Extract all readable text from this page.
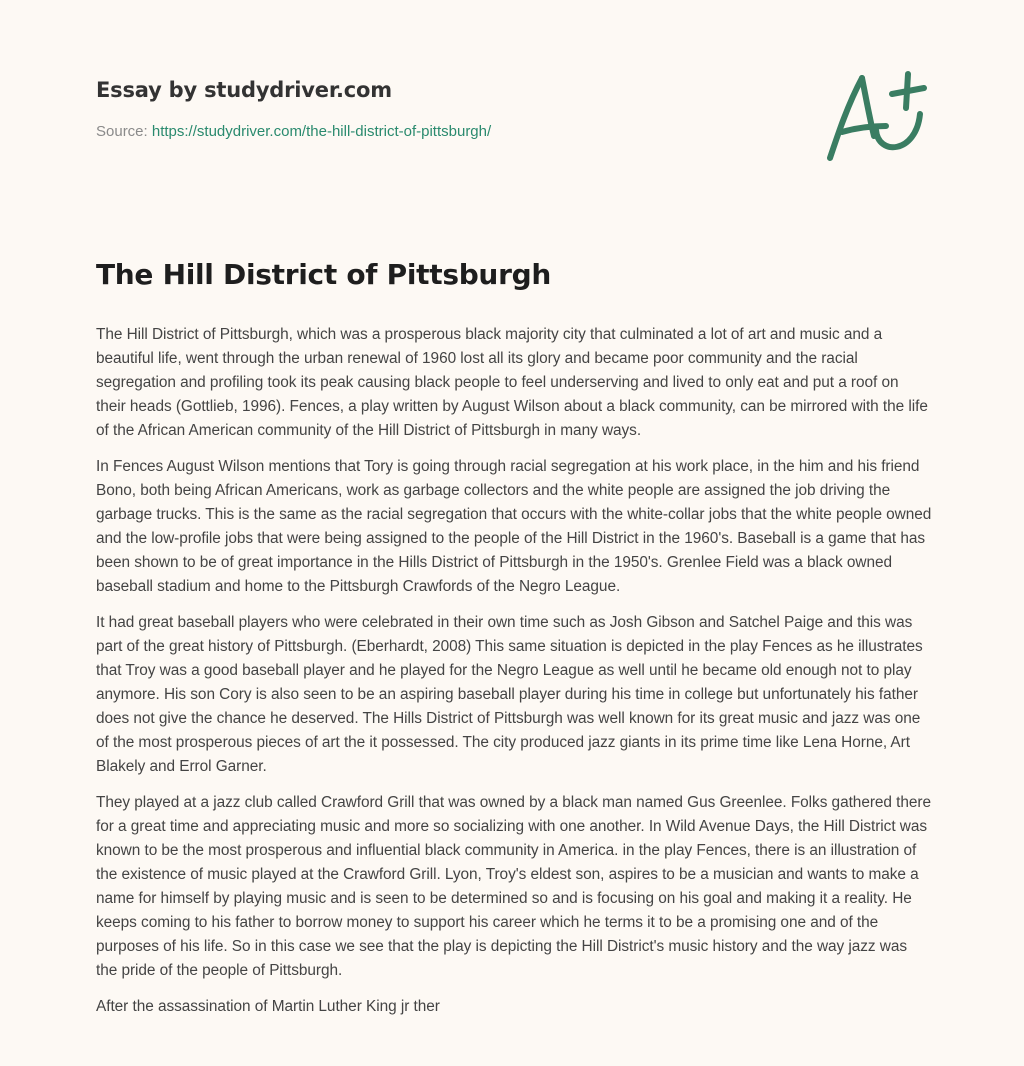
Essay by studydriver.com
Source: https://studydriver.com/the-hill-district-of-pittsburgh/
The Hill District of Pittsburgh

The Hill District of Pittsburgh, which was a prosperous black majority city that culminated a lot of art and music and a beautiful life, went through the urban renewal of 1960 lost all its glory and became poor community and the racial segregation and profiling took its peak causing black people to feel underserving and lived to only eat and put a roof on their heads (Gottlieb, 1996). Fences, a play written by August Wilson about a black community, can be mirrored with the life of the African American community of the Hill District of Pittsburgh in many ways.

In Fences August Wilson mentions that Tory is going through racial segregation at his work place, in the him and his friend Bono, both being African Americans, work as garbage collectors and the white people are assigned the job driving the garbage trucks. This is the same as the racial segregation that occurs with the white-collar jobs that the white people owned and the low-profile jobs that were being assigned to the people of the Hill District in the 1960's. Baseball is a game that has been shown to be of great importance in the Hills District of Pittsburgh in the 1950's. Grenlee Field was a black owned baseball stadium and home to the Pittsburgh Crawfords of the Negro League.

It had great baseball players who were celebrated in their own time such as Josh Gibson and Satchel Paige and this was part of the great history of Pittsburgh. (Eberhardt, 2008) This same situation is depicted in the play Fences as he illustrates that Troy was a good baseball player and he played for the Negro League as well until he became old enough not to play anymore. His son Cory is also seen to be an aspiring baseball player during his time in college but unfortunately his father does not give the chance he deserved. The Hills District of Pittsburgh was well known for its great music and jazz was one of the most prosperous pieces of art the it possessed. The city produced jazz giants in its prime time like Lena Horne, Art Blakely and Errol Garner.

They played at a jazz club called Crawford Grill that was owned by a black man named Gus Greenlee. Folks gathered there for a great time and appreciating music and more so socializing with one another. In Wild Avenue Days, the Hill District was known to be the most prosperous and influential black community in America. in the play Fences, there is an illustration of the existence of music played at the Crawford Grill. Lyon, Troy's eldest son, aspires to be a musician and wants to make a name for himself by playing music and is seen to be determined so and is focusing on his goal and making it a reality. He keeps coming to his father to borrow money to support his career which he terms it to be a promising one and of the purposes of his life. So in this case we see that the play is depicting the Hill District's music history and the way jazz was the pride of the people of Pittsburgh.

After the assassination of Martin Luther King jr ther
